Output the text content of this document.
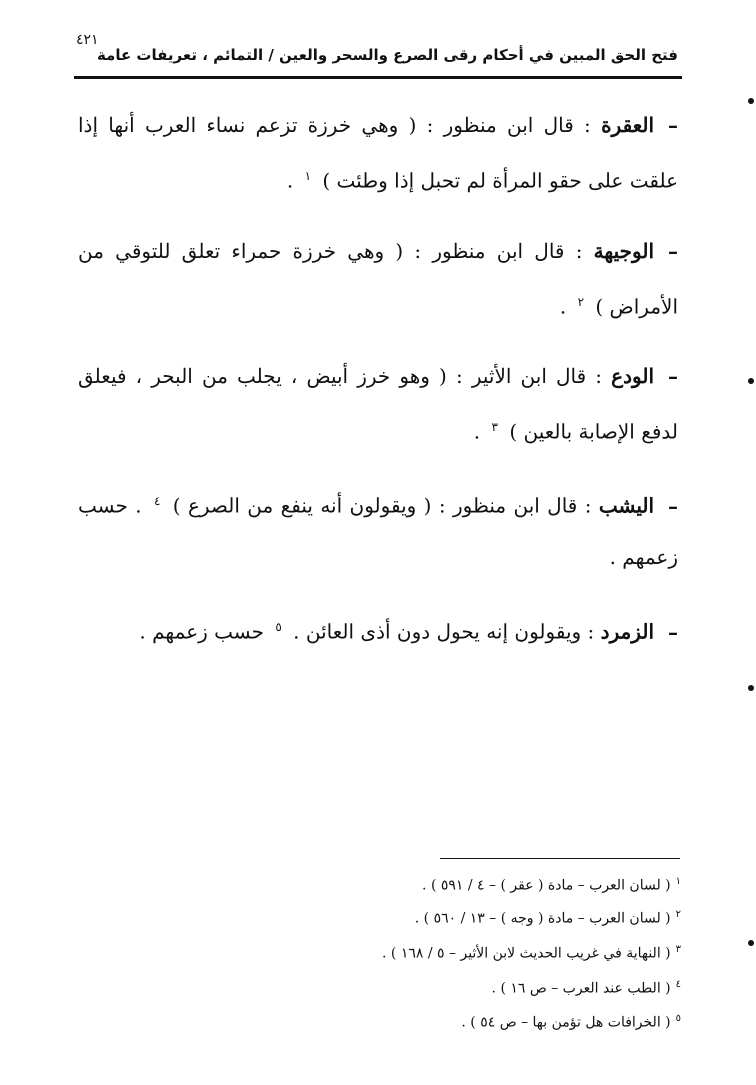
٤٢١
فتح الحق المبين في أحكام رقى الصرع والسحر والعين / التمائم ، تعريفات عامة
–العقرة : قال ابن منظور : ( وهي خرزة تزعم نساء العرب أنها إذا علقت على حقو المرأة لم تحبل إذا وطئت ) $^١$ .
–الوجيهة : قال ابن منظور : ( وهي خرزة حمراء تعلق للتوقي من الأمراض ) $^٢$ .
–الودع : قال ابن الأثير : ( وهو خرز أبيض ، يجلب من البحر ، فيعلق لدفع الإصابة بالعين ) $^٣$ .
–اليشب : قال ابن منظور : ( ويقولون أنه ينفع من الصرع ) $^٤$ . حسب زعمهم .
–الزمرد : ويقولون إنه يحول دون أذى العائن . $^٥$ حسب زعمهم .
$^١$( لسان العرب – مادة ( عقر ) – ٤ / ٥٩١ ) .
$^٢$( لسان العرب – مادة ( وجه ) – ١٣ / ٥٦٠ ) .
$^٣$( النهاية في غريب الحديث لابن الأثير – ٥ / ١٦٨ ) .
$^٤$( الطب عند العرب – ص ١٦ ) .
$^٥$( الخرافات هل تؤمن بها – ص ٥٤ ) .
